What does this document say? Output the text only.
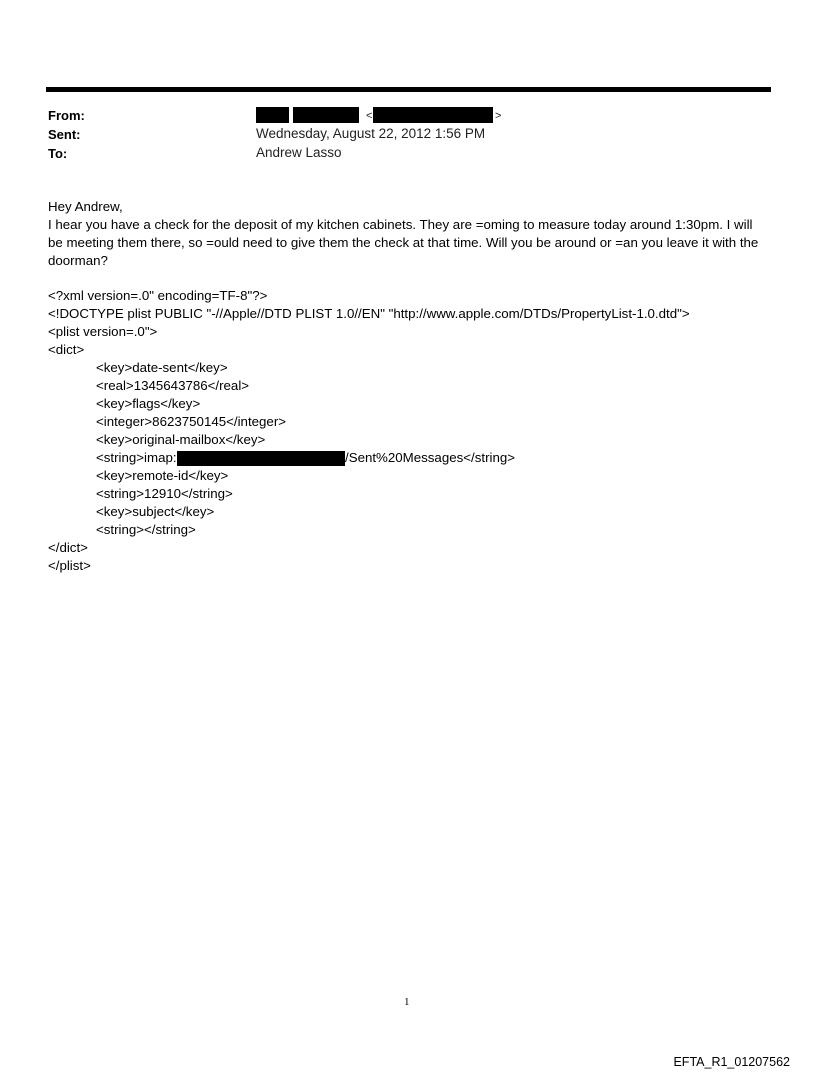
From:
Sent:
To:
<	>
Wednesday, August 22, 2012 1:56 PM
Andrew Lasso
Hey Andrew,
I hear you have a check for the deposit of my kitchen cabinets. They are =oming to measure today around 1:30pm. I will be meeting them there, so =ould need to give them the check at that time. Will you be around or =an you leave it with the doorman?
<?xml version=.0" encoding=TF-8"?>
<!DOCTYPE plist PUBLIC "-//Apple//DTD PLIST 1.0//EN" "http://www.apple.com/DTDs/PropertyList-1.0.dtd">
<plist version=.0">
<dict>
<key>date-sent</key>
<real>1345643786</real>
<key>flags</key>
<integer>8623750145</integer>
<key>original-mailbox</key>
<string>imap:	/Sent%20Messages</string>
<key>remote-id</key>
<string>12910</string>
<key>subject</key>
<string></string>
</dict>
</plist>
1
EFTA_R1_01207562
